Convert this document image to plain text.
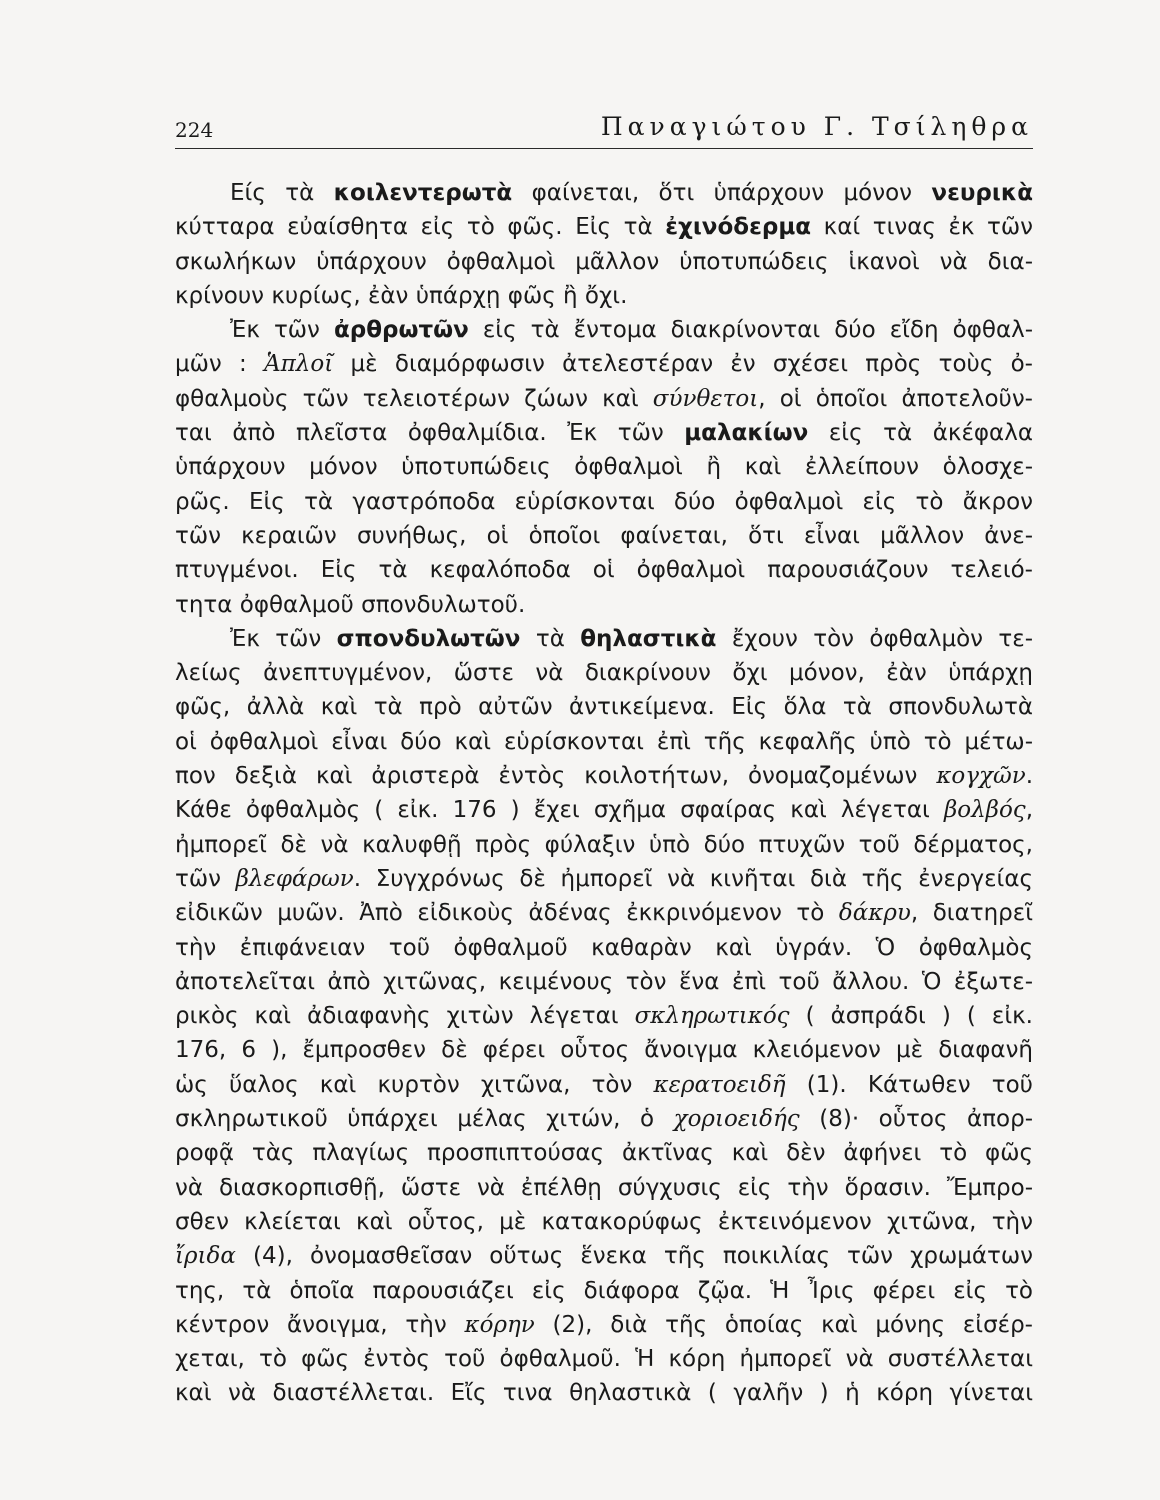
224	Παναγιώτου Γ. Τσίληθρα
Είς τὰ κοιλεντερωτὰ φαίνεται, ὅτι ὑπάρχουν μόνον νευρικὰ
κύτταρα εὐαίσθητα εἰς τὸ φῶς. Εἰς τὰ ἐχινόδερμα καί τινας ἐκ τῶν
σκωλήκων ὑπάρχουν ὀφθαλμοὶ μᾶλλον ὑποτυπώδεις ἱκανοὶ νὰ δια-
κρίνουν κυρίως, ἐὰν ὑπάρχῃ φῶς ἢ ὄχι.
Ἐκ τῶν ἀρθρωτῶν εἰς τὰ ἔντομα διακρίνονται δύο εἴδη ὀφθαλ-
μῶν : Ἁπλοῖ μὲ διαμόρφωσιν ἀτελεστέραν ἐν σχέσει πρὸς τοὺς ὀ-
φθαλμοὺς τῶν τελειοτέρων ζώων καὶ σύνθετοι, οἱ ὁποῖοι ἀποτελοῦν-
ται ἀπὸ πλεῖστα ὀφθαλμίδια. Ἐκ τῶν μαλακίων εἰς τὰ ἀκέφαλα
ὑπάρχουν μόνον ὑποτυπώδεις ὀφθαλμοὶ ἢ καὶ ἐλλείπουν ὁλοσχε-
ρῶς. Εἰς τὰ γαστρόποδα εὑρίσκονται δύο ὀφθαλμοὶ εἰς τὸ ἄκρον
τῶν κεραιῶν συνήθως, οἱ ὁποῖοι φαίνεται, ὅτι εἶναι μᾶλλον ἀνε-
πτυγμένοι. Εἰς τὰ κεφαλόποδα οἱ ὀφθαλμοὶ παρουσιάζουν τελειό-
τητα ὀφθαλμοῦ σπονδυλωτοῦ.
Ἐκ τῶν σπονδυλωτῶν τὰ θηλαστικὰ ἔχουν τὸν ὀφθαλμὸν τε-
λείως ἀνεπτυγμένον, ὥστε νὰ διακρίνουν ὄχι μόνον, ἐὰν ὑπάρχῃ
φῶς, ἀλλὰ καὶ τὰ πρὸ αὐτῶν ἀντικείμενα. Εἰς ὅλα τὰ σπονδυλωτὰ
οἱ ὀφθαλμοὶ εἶναι δύο καὶ εὑρίσκονται ἐπὶ τῆς κεφαλῆς ὑπὸ τὸ μέτω-
πον δεξιὰ καὶ ἀριστερὰ ἐντὸς κοιλοτήτων, ὀνομαζομένων κογχῶν.
Κάθε ὀφθαλμὸς ( εἰκ. 176 ) ἔχει σχῆμα σφαίρας καὶ λέγεται βολβός,
ἠμπορεῖ δὲ νὰ καλυφθῇ πρὸς φύλαξιν ὑπὸ δύο πτυχῶν τοῦ δέρματος,
τῶν βλεφάρων. Συγχρόνως δὲ ἠμπορεῖ νὰ κινῆται διὰ τῆς ἐνεργείας
εἰδικῶν μυῶν. Ἀπὸ εἰδικοὺς ἀδένας ἐκκρινόμενον τὸ δάκρυ, διατηρεῖ
τὴν ἐπιφάνειαν τοῦ ὀφθαλμοῦ καθαρὰν καὶ ὑγράν. Ὁ ὀφθαλμὸς
ἀποτελεῖται ἀπὸ χιτῶνας, κειμένους τὸν ἕνα ἐπὶ τοῦ ἄλλου. Ὁ ἐξωτε-
ρικὸς καὶ ἀδιαφανὴς χιτὼν λέγεται σκληρωτικός ( ἀσπράδι ) ( εἰκ.
176, 6 ), ἔμπροσθεν δὲ φέρει οὗτος ἄνοιγμα κλειόμενον μὲ διαφανῆ
ὡς ὕαλος καὶ κυρτὸν χιτῶνα, τὸν κερατοειδῆ (1). Κάτωθεν τοῦ
σκληρωτικοῦ ὑπάρχει μέλας χιτών, ὁ χοριοειδής (8)· οὗτος ἀπορ-
ροφᾷ τὰς πλαγίως προσπιπτούσας ἀκτῖνας καὶ δὲν ἀφήνει τὸ φῶς
νὰ διασκορπισθῇ, ὥστε νὰ ἐπέλθῃ σύγχυσις εἰς τὴν ὅρασιν. Ἔμπρο-
σθεν κλείεται καὶ οὗτος, μὲ κατακορύφως ἐκτεινόμενον χιτῶνα, τὴν
ἴριδα (4), ὀνομασθεῖσαν οὕτως ἕνεκα τῆς ποικιλίας τῶν χρωμάτων
της, τὰ ὁποῖα παρουσιάζει εἰς διάφορα ζῷα. Ἡ Ἶρις φέρει εἰς τὸ
κέντρον ἄνοιγμα, τὴν κόρην (2), διὰ τῆς ὁποίας καὶ μόνης εἰσέρ-
χεται, τὸ φῶς ἐντὸς τοῦ ὀφθαλμοῦ. Ἡ κόρη ἠμπορεῖ νὰ συστέλλεται
καὶ νὰ διαστέλλεται. Εἴς τινα θηλαστικὰ ( γαλῆν ) ἡ κόρη γίνεται
